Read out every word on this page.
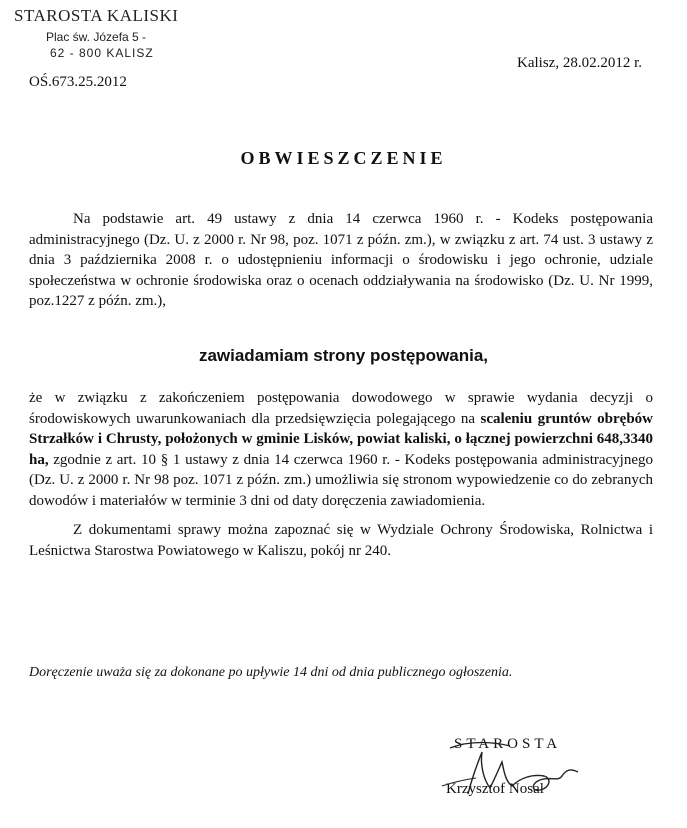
STAROSTA KALISKI
Plac św. Józefa 5 -
62 - 800 KALISZ
OŚ.673.25.2012
Kalisz, 28.02.2012 r.
OBWIESZCZENIE
Na podstawie art. 49 ustawy z dnia 14 czerwca 1960 r. - Kodeks postępowania administracyjnego (Dz. U. z 2000 r. Nr 98, poz. 1071 z późn. zm.), w związku z art. 74 ust. 3 ustawy z dnia 3 października 2008 r. o udostępnieniu informacji o środowisku i jego ochronie, udziale społeczeństwa w ochronie środowiska oraz o ocenach oddziaływania na środowisko (Dz. U. Nr 1999, poz.1227 z późn. zm.),
zawiadamiam strony postępowania,
że w związku z zakończeniem postępowania dowodowego w sprawie wydania decyzji o środowiskowych uwarunkowaniach dla przedsięwzięcia polegającego na scaleniu gruntów obrębów Strzałków i Chrusty, położonych w gminie Lisków, powiat kaliski, o łącznej powierzchni 648,3340 ha, zgodnie z art. 10 § 1 ustawy z dnia 14 czerwca 1960 r. - Kodeks postępowania administracyjnego (Dz. U. z 2000 r. Nr 98 poz. 1071 z późn. zm.) umożliwia się stronom wypowiedzenie co do zebranych dowodów i materiałów w terminie 3 dni od daty doręczenia zawiadomienia.
Z dokumentami sprawy można zapoznać się w Wydziale Ochrony Środowiska, Rolnictwa i Leśnictwa Starostwa Powiatowego w Kaliszu, pokój nr 240.
Doręczenie uważa się za dokonane po upływie 14 dni od dnia publicznego ogłoszenia.
STAROSTA
Krzysztof Nosal
